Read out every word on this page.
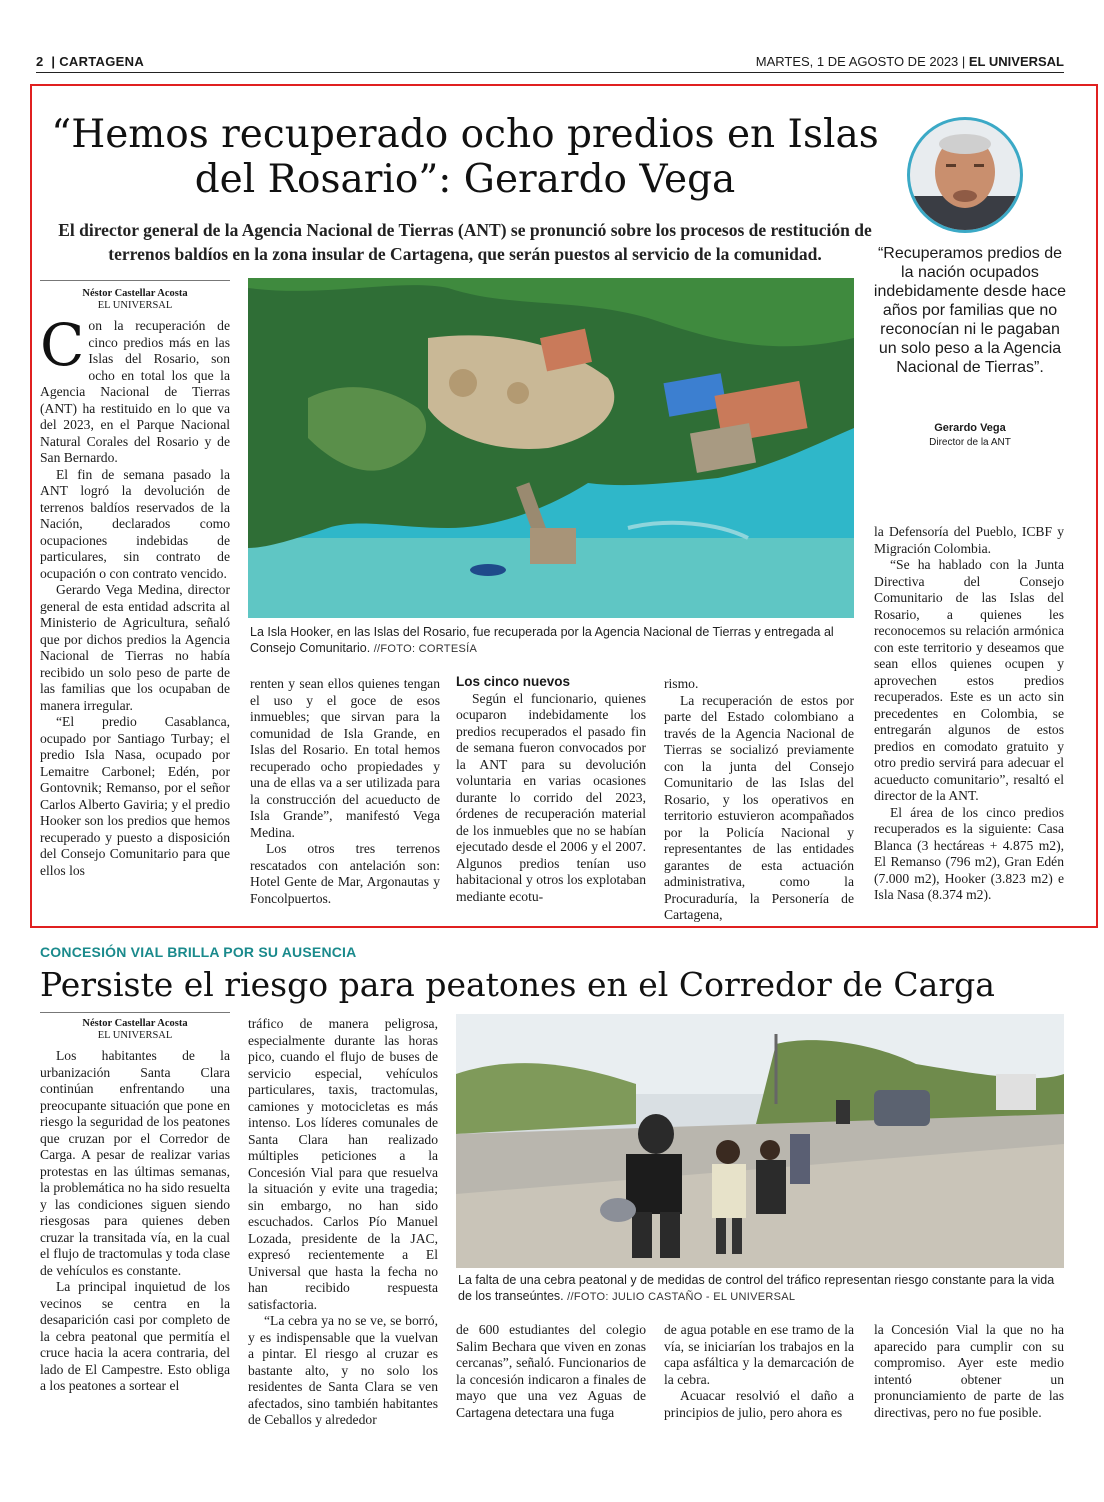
2  | CARTAGENA	MARTES, 1 DE AGOSTO DE 2023 | EL UNIVERSAL
“Hemos recuperado ocho predios en Islas del Rosario”: Gerardo Vega
El director general de la Agencia Nacional de Tierras (ANT) se pronunció sobre los procesos de restitución de terrenos baldíos en la zona insular de Cartagena, que serán puestos al servicio de la comunidad.	“Recuperamos predios de la nación ocupados indebidamente desde hace años por familias que no reconocían ni le pagaban un solo peso a la Agencia Nacional de Tierras”.
Gerardo Vega
Director de la ANT
Néstor Castellar Acosta
EL UNIVERSAL

Con la recuperación de cinco predios más en las Islas del Rosario, son ocho en total los que la Agencia Nacional de Tierras (ANT) ha restituido en lo que va del 2023, en el Parque Nacional Natural Corales del Rosario y de San Bernardo.

El fin de semana pasado la ANT logró la devolución de terrenos baldíos reservados de la Nación, declarados como ocupaciones indebidas de particulares, sin contrato de ocupación o con contrato vencido.

Gerardo Vega Medina, director general de esta entidad adscrita al Ministerio de Agricultura, señaló que por dichos predios la Agencia Nacional de Tierras no había recibido un solo peso de parte de las familias que los ocupaban de manera irregular.

“El predio Casablanca, ocupado por Santiago Turbay; el predio Isla Nasa, ocupado por Lemaitre Carbonel; Edén, por Gontovnik; Remanso, por el señor Carlos Alberto Gaviria; y el predio Hooker son los predios que hemos recuperado y puesto a disposición del Consejo Comunitario para que ellos los

La Isla Hooker, en las Islas del Rosario, fue recuperada por la Agencia Nacional de Tierras y entregada al Consejo Comunitario. //FOTO: CORTESÍA

renten y sean ellos quienes tengan el uso y el goce de esos inmuebles; que sirvan para la comunidad de Isla Grande, en Islas del Rosario. En total hemos recuperado ocho propiedades y una de ellas va a ser utilizada para la construcción del acueducto de Isla Grande”, manifestó Vega Medina.

Los otros tres terrenos rescatados con antelación son: Hotel Gente de Mar, Argonautas y Foncolpuertos.

Los cinco nuevos

Según el funcionario, quienes ocuparon indebidamente los predios recuperados el pasado fin de semana fueron convocados por la ANT para su devolución voluntaria en varias ocasiones durante lo corrido del 2023, órdenes de recuperación material de los inmuebles que no se habían ejecutado desde el 2006 y el 2007. Algunos predios tenían uso habitacional y otros los explotaban mediante ecotu-

rismo.

La recuperación de estos por parte del Estado colombiano a través de la Agencia Nacional de Tierras se socializó previamente con la junta del Consejo Comunitario de las Islas del Rosario, y los operativos en territorio estuvieron acompañados por la Policía Nacional y representantes de las entidades garantes de esta actuación administrativa, como la Procuraduría, la Personería de Cartagena,

la Defensoría del Pueblo, ICBF y Migración Colombia.

“Se ha hablado con la Junta Directiva del Consejo Comunitario de las Islas del Rosario, a quienes les reconocemos su relación armónica con este territorio y deseamos que sean ellos quienes ocupen y aprovechen estos predios recuperados. Este es un acto sin precedentes en Colombia, se entregarán algunos de estos predios en comodato gratuito y otro predio servirá para adecuar el acueducto comunitario”, resaltó el director de la ANT.

El área de los cinco predios recuperados es la siguiente: Casa Blanca (3 hectáreas + 4.875 m2), El Remanso (796 m2), Gran Edén (7.000 m2), Hooker (3.823 m2) e Isla Nasa (8.374 m2).

CONCESIÓN VIAL BRILLA POR SU AUSENCIA
Persiste el riesgo para peatones en el Corredor de Carga
Néstor Castellar Acosta
EL UNIVERSAL

Los habitantes de la urbanización Santa Clara continúan enfrentando una preocupante situación que pone en riesgo la seguridad de los peatones que cruzan por el Corredor de Carga. A pesar de realizar varias protestas en las últimas semanas, la problemática no ha sido resuelta y las condiciones siguen siendo riesgosas para quienes deben cruzar la transitada vía, en la cual el flujo de tractomulas y toda clase de vehículos es constante.

La principal inquietud de los vecinos se centra en la desaparición casi por completo de la cebra peatonal que permitía el cruce hacia la acera contraria, del lado de El Campestre. Esto obliga a los peatones a sortear el

tráfico de manera peligrosa, especialmente durante las horas pico, cuando el flujo de buses de servicio especial, vehículos particulares, taxis, tractomulas, camiones y motocicletas es más intenso. Los líderes comunales de Santa Clara han realizado múltiples peticiones a la Concesión Vial para que resuelva la situación y evite una tragedia; sin embargo, no han sido escuchados. Carlos Pío Manuel Lozada, presidente de la JAC, expresó recientemente a El Universal que hasta la fecha no han recibido respuesta satisfactoria.

“La cebra ya no se ve, se borró, y es indispensable que la vuelvan a pintar. El riesgo al cruzar es bastante alto, y no solo los residentes de Santa Clara se ven afectados, sino también habitantes de Ceballos y alrededor

La falta de una cebra peatonal y de medidas de control del tráfico representan riesgo constante para la vida de los transeúntes. //FOTO: JULIO CASTAÑO - EL UNIVERSAL

de 600 estudiantes del colegio Salim Bechara que viven en zonas cercanas”, señaló. Funcionarios de la concesión indicaron a finales de mayo que una vez Aguas de Cartagena detectara una fuga

de agua potable en ese tramo de la vía, se iniciarían los trabajos en la capa asfáltica y la demarcación de la cebra.

Acuacar resolvió el daño a principios de julio, pero ahora es

la Concesión Vial la que no ha aparecido para cumplir con su compromiso. Ayer este medio intentó obtener un pronunciamiento de parte de las directivas, pero no fue posible.
